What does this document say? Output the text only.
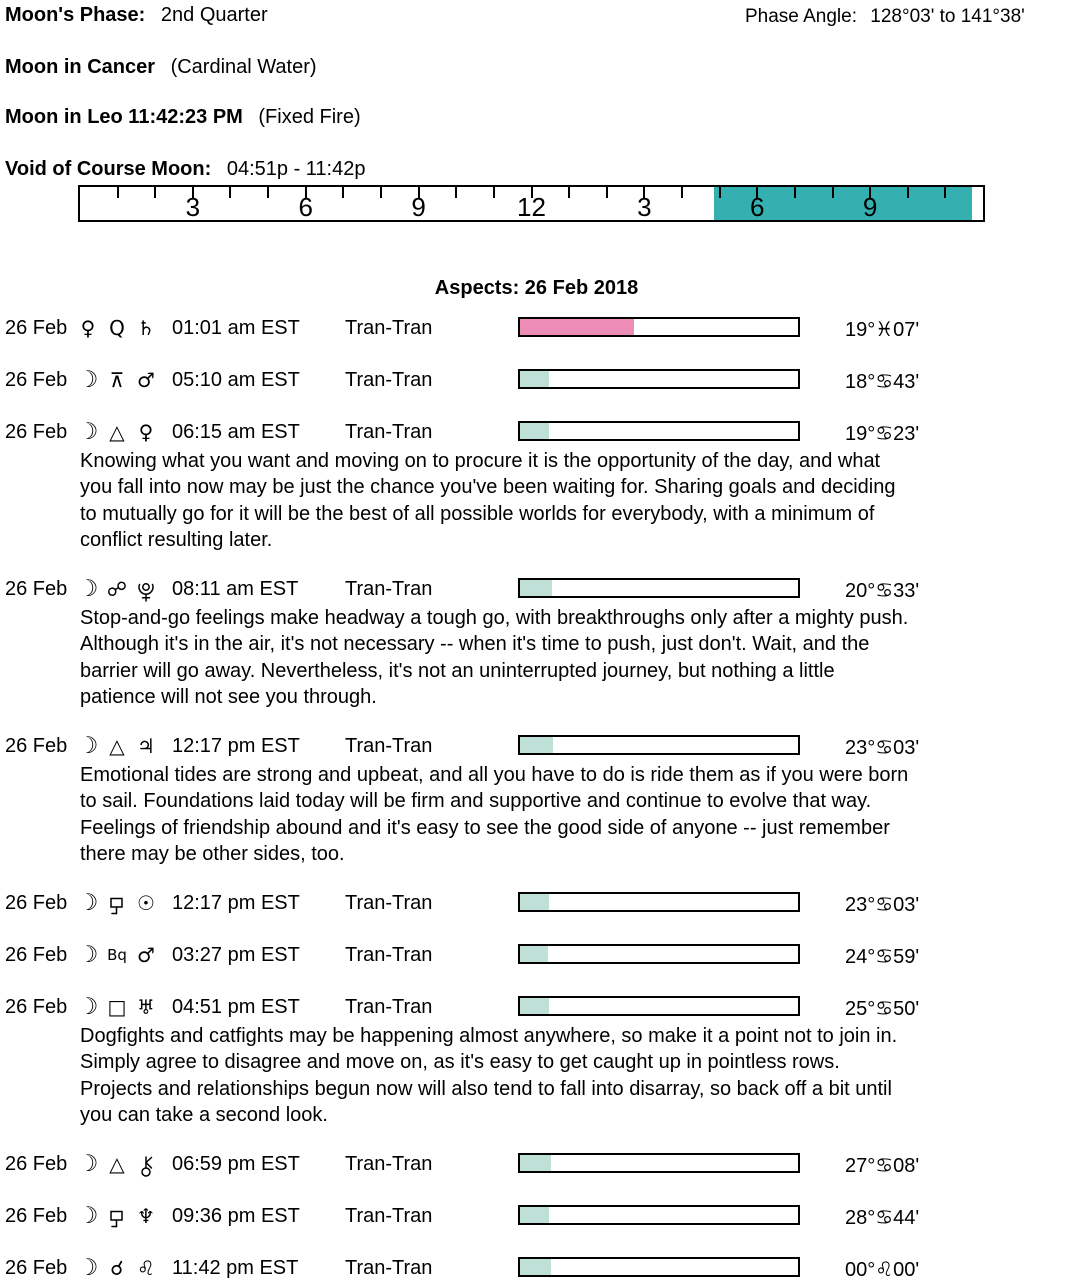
Moon's Phase: 2nd Quarter	Phase Angle: 128°03' to 141°38'
Moon in Cancer (Cardinal Water)
Moon in Leo 11:42:23 PM (Fixed Fire)
Void of Course Moon: 04:51p - 11:42p
3	6	9	12	3	6	9
Aspects: 26 Feb 2018
26 Feb ♀ Q ♄ 01:01 am EST Tran-Tran	19°♓07'
26 Feb ☽ ⊼ ♂ 05:10 am EST Tran-Tran	18°♋43'
26 Feb ☽ △ ♀ 06:15 am EST Tran-Tran	19°♋23'
Knowing what you want and moving on to procure it is the opportunity of the day, and what
you fall into now may be just the chance you've been waiting for. Sharing goals and deciding
to mutually go for it will be the best of all possible worlds for everybody, with a minimum of
conflict resulting later.
26 Feb ☽ ☍ 08:11 am EST Tran-Tran	20°♋33'
Stop-and-go feelings make headway a tough go, with breakthroughs only after a mighty push.
Although it's in the air, it's not necessary -- when it's time to push, just don't. Wait, and the
barrier will go away. Nevertheless, it's not an uninterrupted journey, but nothing a little
patience will not see you through.
26 Feb ☽ △ ♃ 12:17 pm EST Tran-Tran	23°♋03'
Emotional tides are strong and upbeat, and all you have to do is ride them as if you were born
to sail. Foundations laid today will be firm and supportive and continue to evolve that way.
Feelings of friendship abound and it's easy to see the good side of anyone -- just remember
there may be other sides, too.
26 Feb ☽ ☉ 12:17 pm EST Tran-Tran	23°♋03'
26 Feb ☽ Bq ♂ 03:27 pm EST Tran-Tran	24°♋59'
26 Feb ☽ □ ♅ 04:51 pm EST Tran-Tran	25°♋50'
Dogfights and catfights may be happening almost anywhere, so make it a point not to join in.
Simply agree to disagree and move on, as it's easy to get caught up in pointless rows.
Projects and relationships begun now will also tend to fall into disarray, so back off a bit until
you can take a second look.
26 Feb ☽ △ 06:59 pm EST Tran-Tran	27°♋08'
26 Feb ☽ ♆ 09:36 pm EST Tran-Tran	28°♋44'
26 Feb ☽ ☌ ♌ 11:42 pm EST Tran-Tran	00°♌00'
